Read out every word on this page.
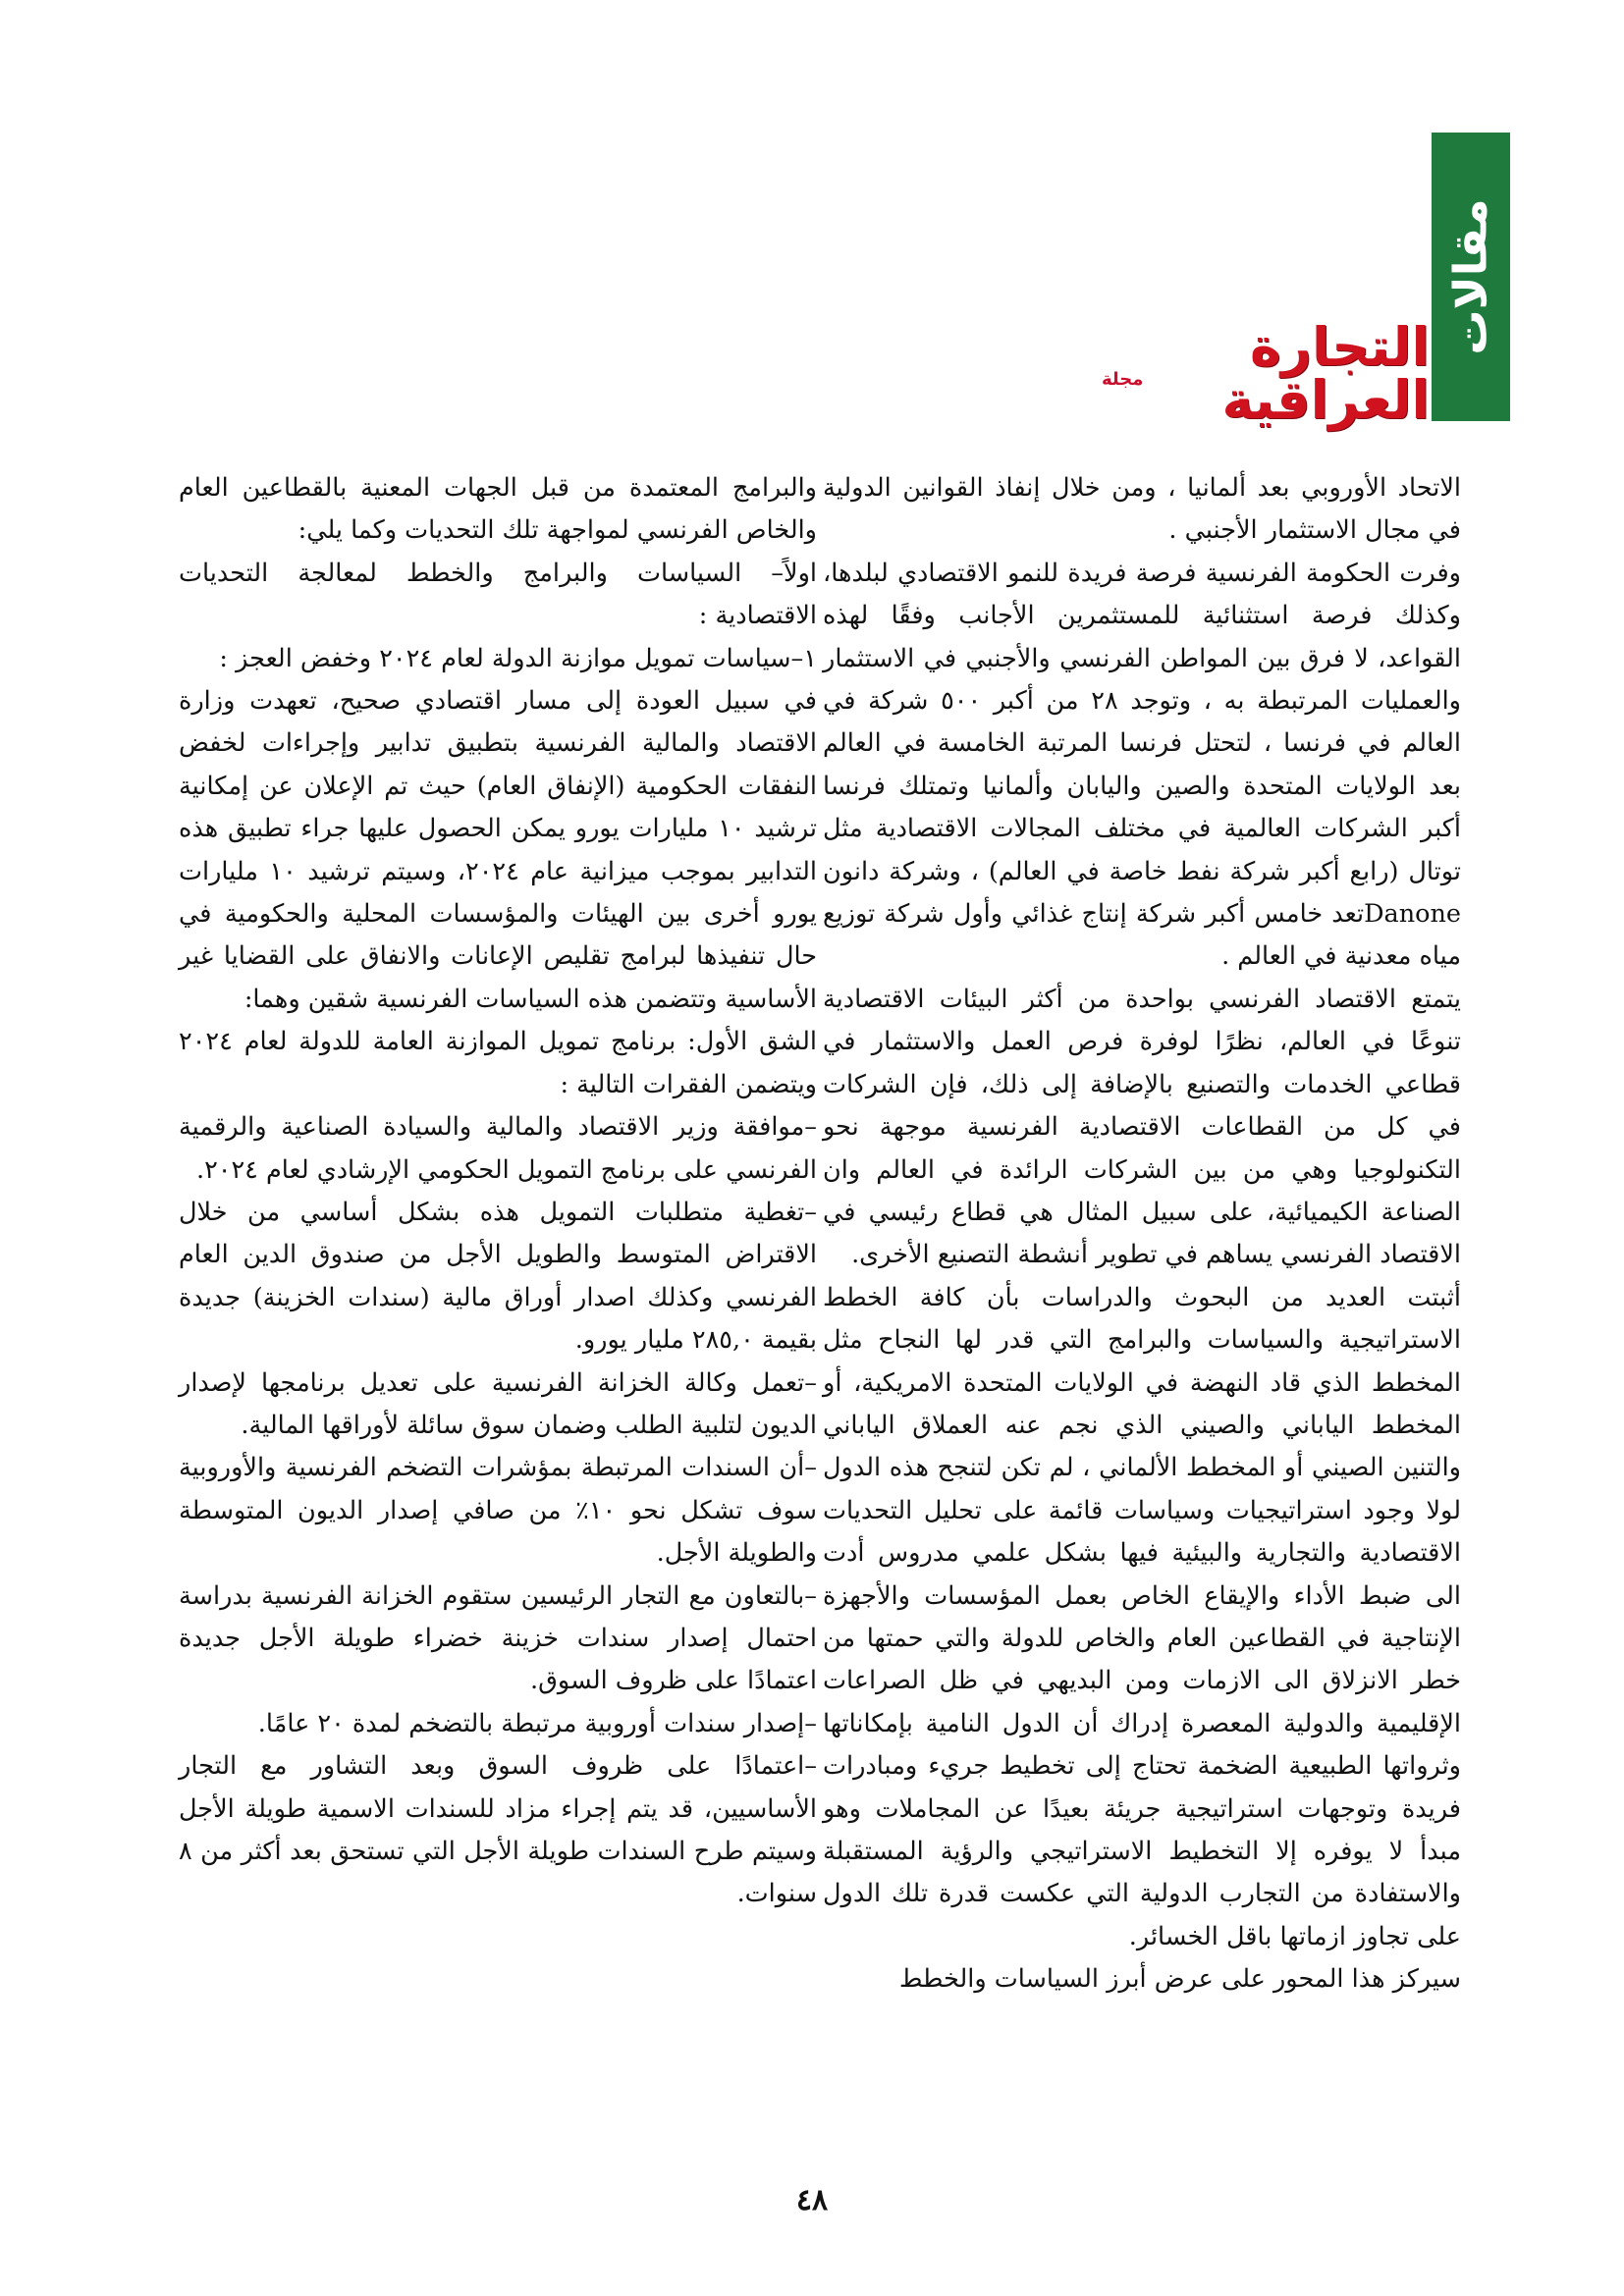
مقالات
مجلة
التجارة العراقية

الاتحاد الأوروبي بعد ألمانيا ، ومن خلال إنفاذ القوانين الدولية في مجال الاستثمار الأجنبي .

وفرت الحكومة الفرنسية فرصة فريدة للنمو الاقتصادي لبلدها، وكذلك فرصة استثنائية للمستثمرين الأجانب وفقًا لهذه القواعد، لا فرق بين المواطن الفرنسي والأجنبي في الاستثمار والعمليات المرتبطة به ، وتوجد ٢٨ من أكبر ٥٠٠ شركة في العالم في فرنسا ، لتحتل فرنسا المرتبة الخامسة في العالم بعد الولايات المتحدة والصين واليابان وألمانيا وتمتلك فرنسا أكبر الشركات العالمية في مختلف المجالات الاقتصادية مثل توتال (رابع أكبر شركة نفط خاصة في العالم) ، وشركة دانون Danoneتعد خامس أكبر شركة إنتاج غذائي وأول شركة توزيع مياه معدنية في العالم .

يتمتع الاقتصاد الفرنسي بواحدة من أكثر البيئات الاقتصادية تنوعًا في العالم، نظرًا لوفرة فرص العمل والاستثمار في قطاعي الخدمات والتصنيع بالإضافة إلى ذلك، فإن الشركات في كل من القطاعات الاقتصادية الفرنسية موجهة نحو التكنولوجيا وهي من بين الشركات الرائدة في العالم وان الصناعة الكيميائية، على سبيل المثال هي قطاع رئيسي في الاقتصاد الفرنسي يساهم في تطوير أنشطة التصنيع الأخرى.

أثبتت العديد من البحوث والدراسات بأن كافة الخطط الاستراتيجية والسياسات والبرامج التي قدر لها النجاح مثل المخطط الذي قاد النهضة في الولايات المتحدة الامريكية، أو المخطط الياباني والصيني الذي نجم عنه العملاق الياباني والتنين الصيني أو المخطط الألماني ، لم تكن لتنجح هذه الدول لولا وجود استراتيجيات وسياسات قائمة على تحليل التحديات الاقتصادية والتجارية والبيئية فيها بشكل علمي مدروس أدت الى ضبط الأداء والإيقاع الخاص بعمل المؤسسات والأجهزة الإنتاجية في القطاعين العام والخاص للدولة والتي حمتها من خطر الانزلاق الى الازمات ومن البديهي في ظل الصراعات الإقليمية والدولية المعصرة إدراك أن الدول النامية بإمكاناتها وثرواتها الطبيعية الضخمة تحتاج إلى تخطيط جريء ومبادرات فريدة وتوجهات استراتيجية جريئة بعيدًا عن المجاملات وهو مبدأ لا يوفره إلا التخطيط الاستراتيجي والرؤية المستقبلة والاستفادة من التجارب الدولية التي عكست قدرة تلك الدول على تجاوز ازماتها باقل الخسائر.

سيركز هذا المحور على عرض أبرز السياسات والخطط

والبرامج المعتمدة من قبل الجهات المعنية بالقطاعين العام والخاص الفرنسي لمواجهة تلك التحديات وكما يلي:

اولاً– السياسات والبرامج والخطط لمعالجة التحديات الاقتصادية :

١–سياسات تمويل موازنة الدولة لعام ٢٠٢٤ وخفض العجز :

في سبيل العودة إلى مسار اقتصادي صحيح، تعهدت وزارة الاقتصاد والمالية الفرنسية بتطبيق تدابير وإجراءات لخفض النفقات الحكومية (الإنفاق العام) حيث تم الإعلان عن إمكانية ترشيد ١٠ مليارات يورو يمكن الحصول عليها جراء تطبيق هذه التدابير بموجب ميزانية عام ٢٠٢٤، وسيتم ترشيد ١٠ مليارات يورو أخرى بين الهيئات والمؤسسات المحلية والحكومية في حال تنفيذها لبرامج تقليص الإعانات والانفاق على القضايا غير الأساسية وتتضمن هذه السياسات الفرنسية شقين وهما:

الشق الأول: برنامج تمويل الموازنة العامة للدولة لعام ٢٠٢٤ ويتضمن الفقرات التالية :

–موافقة وزير الاقتصاد والمالية والسيادة الصناعية والرقمية الفرنسي على برنامج التمويل الحكومي الإرشادي لعام ٢٠٢٤.

–تغطية متطلبات التمويل هذه بشكل أساسي من خلال الاقتراض المتوسط والطويل الأجل من صندوق الدين العام الفرنسي وكذلك اصدار أوراق مالية (سندات الخزينة) جديدة بقيمة ٢٨٥,٠ مليار يورو.

–تعمل وكالة الخزانة الفرنسية على تعديل برنامجها لإصدار الديون لتلبية الطلب وضمان سوق سائلة لأوراقها المالية.

–أن السندات المرتبطة بمؤشرات التضخم الفرنسية والأوروبية سوف تشكل نحو ١٠٪ من صافي إصدار الديون المتوسطة والطويلة الأجل.

–بالتعاون مع التجار الرئيسين ستقوم الخزانة الفرنسية بدراسة احتمال إصدار سندات خزينة خضراء طويلة الأجل جديدة اعتمادًا على ظروف السوق.

–إصدار سندات أوروبية مرتبطة بالتضخم لمدة ٢٠ عامًا.

–اعتمادًا على ظروف السوق وبعد التشاور مع التجار الأساسيين، قد يتم إجراء مزاد للسندات الاسمية طويلة الأجل وسيتم طرح السندات طويلة الأجل التي تستحق بعد أكثر من ٨ سنوات.

٤٨
